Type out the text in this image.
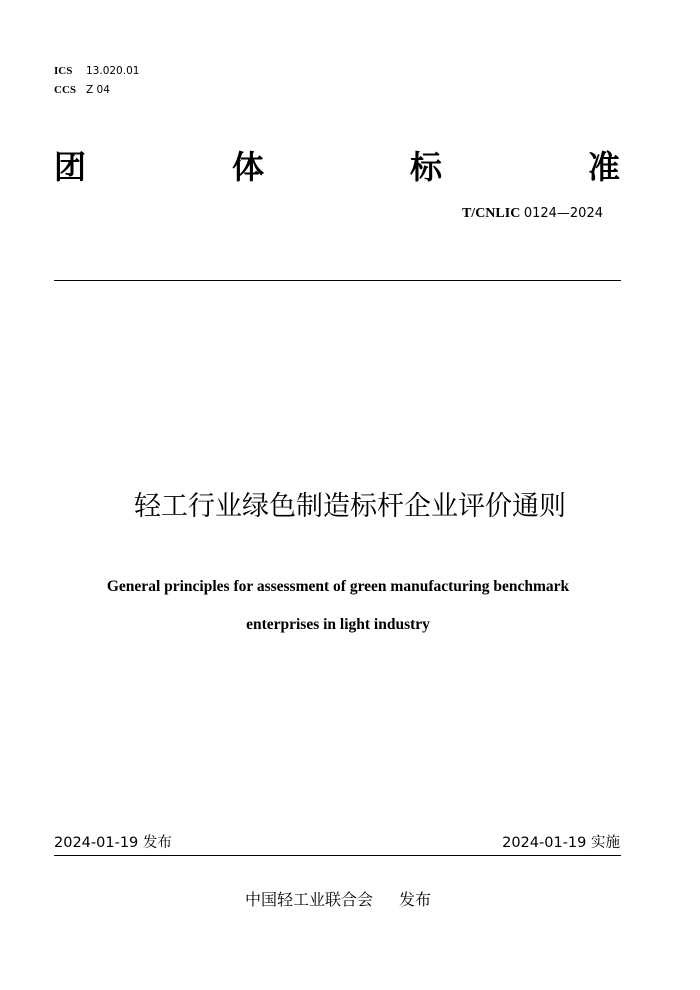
ICS 13.020.01
CCS Z 04
团	体	标	准
T/CNLIC 0124—2024
轻工行业绿色制造标杆企业评价通则
General principles for assessment of green manufacturing benchmark
enterprises in light industry
2024-01-19 发布	2024-01-19 实施
中国轻工业联合会 发布
